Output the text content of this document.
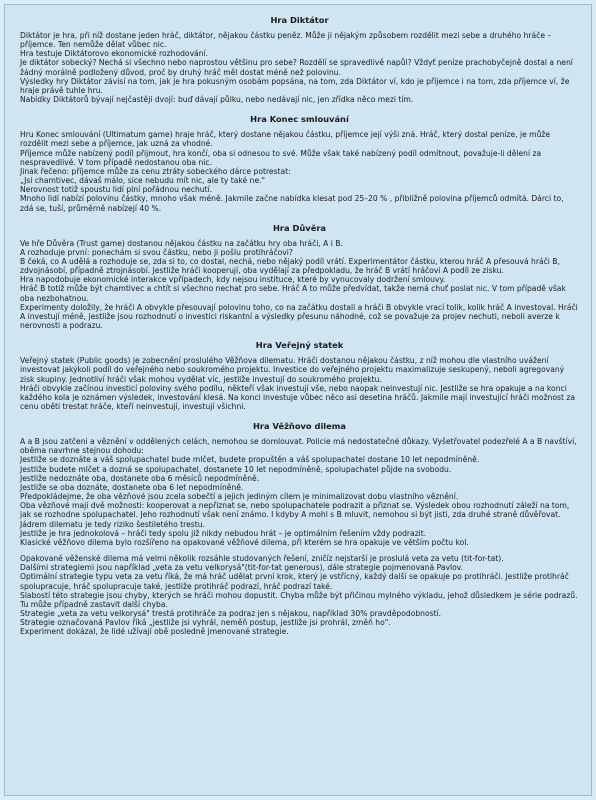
Hra Diktátor
Diktátor je hra, při níž dostane jeden hráč, diktátor, nějakou částku peněz. Může ji nějakým způsobem rozdělit mezi sebe a druhého hráče – příjemce. Ten nemůže dělat vůbec nic.
Hra testuje Diktátorovo ekonomické rozhodování.
Je diktátor sobecký? Nechá si všechno nebo naprostou většinu pro sebe? Rozdělí se spravedlivě napůl? Vždyť peníze prachobyčejně dostal a není žádný morálně podložený důvod, proč by druhý hráč měl dostat méně než polovinu.
Výsledky hry Diktátor závisí na tom, jak je hra pokusným osobám popsána, na tom, zda Diktátor ví, kdo je příjemce i na tom, zda příjemce ví, že hraje právě tuhle hru.
Nabídky Diktátorů bývají nejčastěji dvojí: buď dávají půlku, nebo nedávají nic, jen zřídka něco mezi tím.
Hra Konec smlouvání
Hru Konec smlouvání (Ultimatum game) hraje hráč, který dostane nějakou částku, příjemce její výši zná. Hráč, který dostal peníze, je může rozdělit mezi sebe a příjemce, jak uzná za vhodné.
Příjemce může nabízený podíl přijmout, hra končí, oba si odnesou to své. Může však také nabízený podíl odmítnout, považuje-li dělení za nespravedlivé. V tom případě nedostanou oba nic.
Jinak řečeno: příjemce může za cenu ztráty sobeckého dárce potrestat:
„Jsi chamtivec, dávaš málo, sice nebudu mít nic, ale ty také ne."
Nerovnost totiž spoustu lidí plní pořádnou nechutí.
Mnoho lidí nabízí polovinu částky, mnoho však méně. Jakmile začne nabídka klesat pod 25–20 % , přibližně polovina příjemců odmítá. Dárci to, zdá se, tuší, průměrně nabízejí 40 %.
Hra Důvěra
Ve hře Důvěra (Trust game) dostanou nějakou částku na začátku hry oba hráči, A i B.
A rozhoduje první: ponechám si svou částku, nebo ji pošlu protihráčovi?
B čeká, co A udělá a rozhoduje se, zda si to, co dostal, nechá, nebo nějaký podíl vrátí. Experimentátor částku, kterou hráč A přesouvá hráči B, zdvojnásobí, případně ztrojnásobí. Jestliže hráči kooperují, oba vydělají za předpokladu, že hráč B vrátí hráčovi A podíl ze zisku.
Hra napodobuje ekonomické interakce vpřípadech, kdy nejsou instituce, které by vynucovaly dodržení smlouvy.
Hráč B totiž může být chamtivec a chtít si všechno nechat pro sebe. Hráč A to může předvídat, takže nemá chuť poslat nic. V tom případě však oba nezbohatnou.
Experimenty doložily, že hráči A obvykle přesouvají polovinu toho, co na začátku dostali a hráči B obvykle vrací tolik, kolik hráč A investoval. Hráči A investují méně, jestliže jsou rozhodnutí o investici riskantní a výsledky přesunu náhodné, což se považuje za projev nechuti, neboli averze k nerovnosti a podrazu.
Hra Veřejný statek
Veřejný statek (Public goods) je zobecnění proslulého Věžňova dilematu. Hráči dostanou nějakou částku, z níž mohou dle vlastního uvážení investovat jakýkoli podíl do veřejného nebo soukromého projektu. Investice do veřejného projektu maximalizuje seskupený, neboli agregovaný zisk skupiny. Jednotliví hráči však mohou vydělat víc, jestliže investují do soukromého projektu.
Hráči obvykle začínou investicí poloviny svého podílu, někteří však investují vše, nebo naopak neinvestují nic. Jestliže se hra opakuje a na konci každého kola je oznámen výsledek, investování klesá. Na konci investuje vůbec něco asi desetina hráčů. Jakmile mají investující hráči možnost za cenu oběti trestat hráče, kteří neinvestují, investují všichni.
Hra Věžňovo dilema
A a B jsou zatčeni a věznění v oddělených celách, nemohou se domlouvat. Policie má nedostatečné důkazy. Vyšetřovatel podezřelé A a B navštíví, oběma navrhne stejnou dohodu:
Jestliže se doznáte a váš spolupachatel bude mlčet, budete propuštěn a váš spolupachatel dostane 10 let nepodmíněně.
Jestliže budete mlčet a dozná se spolupachatel, dostanete 10 let nepodmíněně, spolupachatel půjde na svobodu.
Jestliže nedoznáte oba, dostanete oba 6 měsíců nepodmíněně.
Jestliže se oba doznáte, dostanete oba 6 let nepodmíněně.
Předpokládejme, že oba vězňové jsou zcela sobečtí a jejich jediným cílem je minimalizovat dobu vlastního věznění.
Oba vězňové mají dvě možnosti: kooperovat a nepřiznat se, nebo spolupachatele podrazit a přiznat se. Výsledek obou rozhodnutí záleží na tom, jak se rozhodne spolupachatel. Jeho rozhodnutí však není známo. I kdyby A mohl s B mluvit, nemohou si být jisti, zda druhé straně důvěřovat. Jádrem dilematu je tedy riziko šestiletého trestu.
Jestliže je hra jednokolová – hráči tedy spolu již nikdy nebudou hrát – je optimálním řešením vždy podrazit.
Klasické věžňovo dilema bylo rozšířeno na opakované věžňové dilema, při kterém se hra opakuje ve větším počtu kol.
Opakované věženské dilema má velmi několik rozsáhle studovaných řešení, zničíz nejstarší je proslulá veta za vetu (tit-for-tat).
Dalšími strategiemi jsou například „veta za vetu velkorysá"(tit-for-tat generous), dále strategie pojmenovaná Pavlov.
Optimální strategie typu veta za vetu říká, že má hráč udělat první krok, který je vstřícný, každý další se opakuje po protihráči. Jestliže protihráč spolupracuje, hráč spolupracuje také, jestliže protihráč podrazí, hráč podrazí také.
Slabostí této strategie jsou chyby, kterých se hráči mohou dopustit. Chyba může být přičinou mylného výkladu, jehož důsledkem je série podrazů. Tu může případně zastavit další chyba.
Strategie „veta za vetu velkorysá" trestá protihráče za podraz jen s nějakou, například 30% pravděpodobností.
Strategie označovaná Pavlov říká „jestliže jsi vyhrál, neměň postup, jestliže jsi prohrál, změň ho".
Experiment dokázal, že lidé užívají obě posledně jmenované strategie.
